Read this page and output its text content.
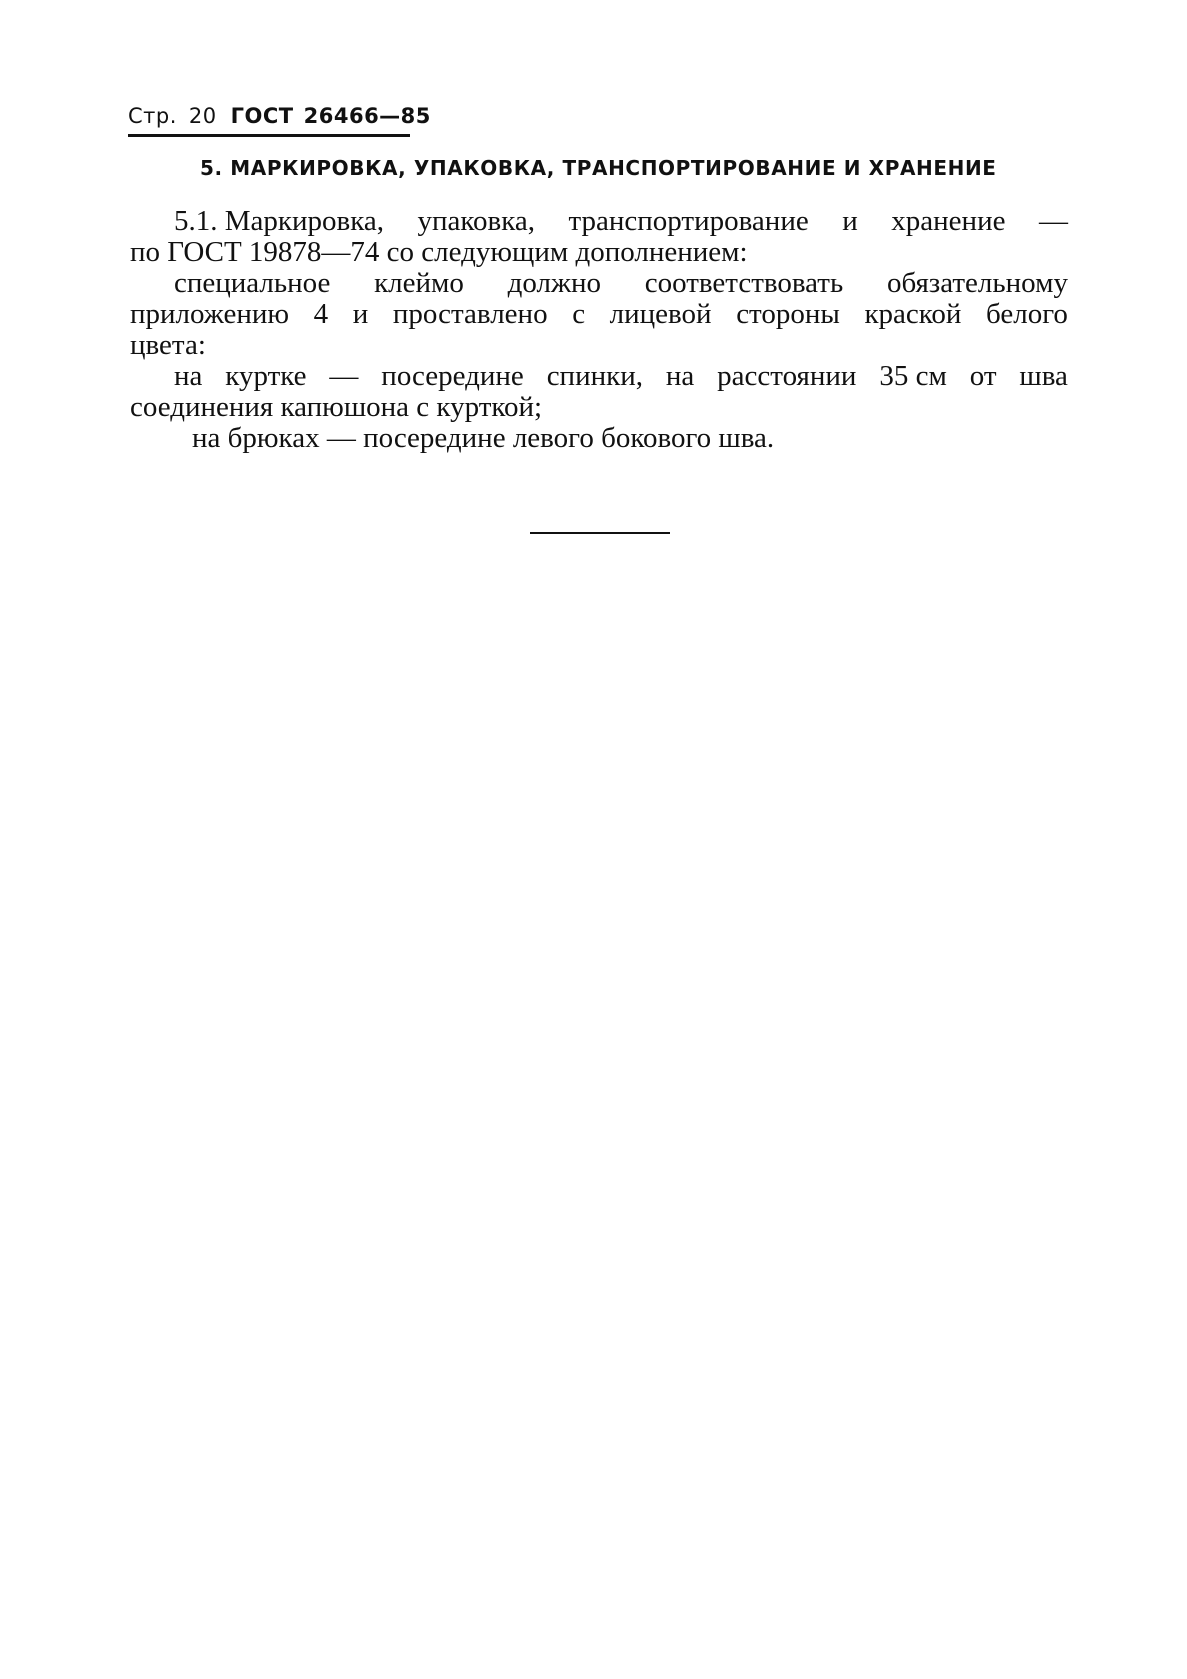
Стр. 20 ГОСТ 26466—85
5. МАРКИРОВКА, УПАКОВКА, ТРАНСПОРТИРОВАНИЕ И ХРАНЕНИЕ
5.1. Маркировка, упаковка, транспортирование и хранение —
по ГОСТ 19878—74 со следующим дополнением:
специальное клеймо должно соответствовать обязательному
приложению 4 и проставлено с лицевой стороны краской белого
цвета:
на куртке — посередине спинки, на расстоянии 35 см от шва
соединения капюшона с курткой;
на брюках — посередине левого бокового шва.
